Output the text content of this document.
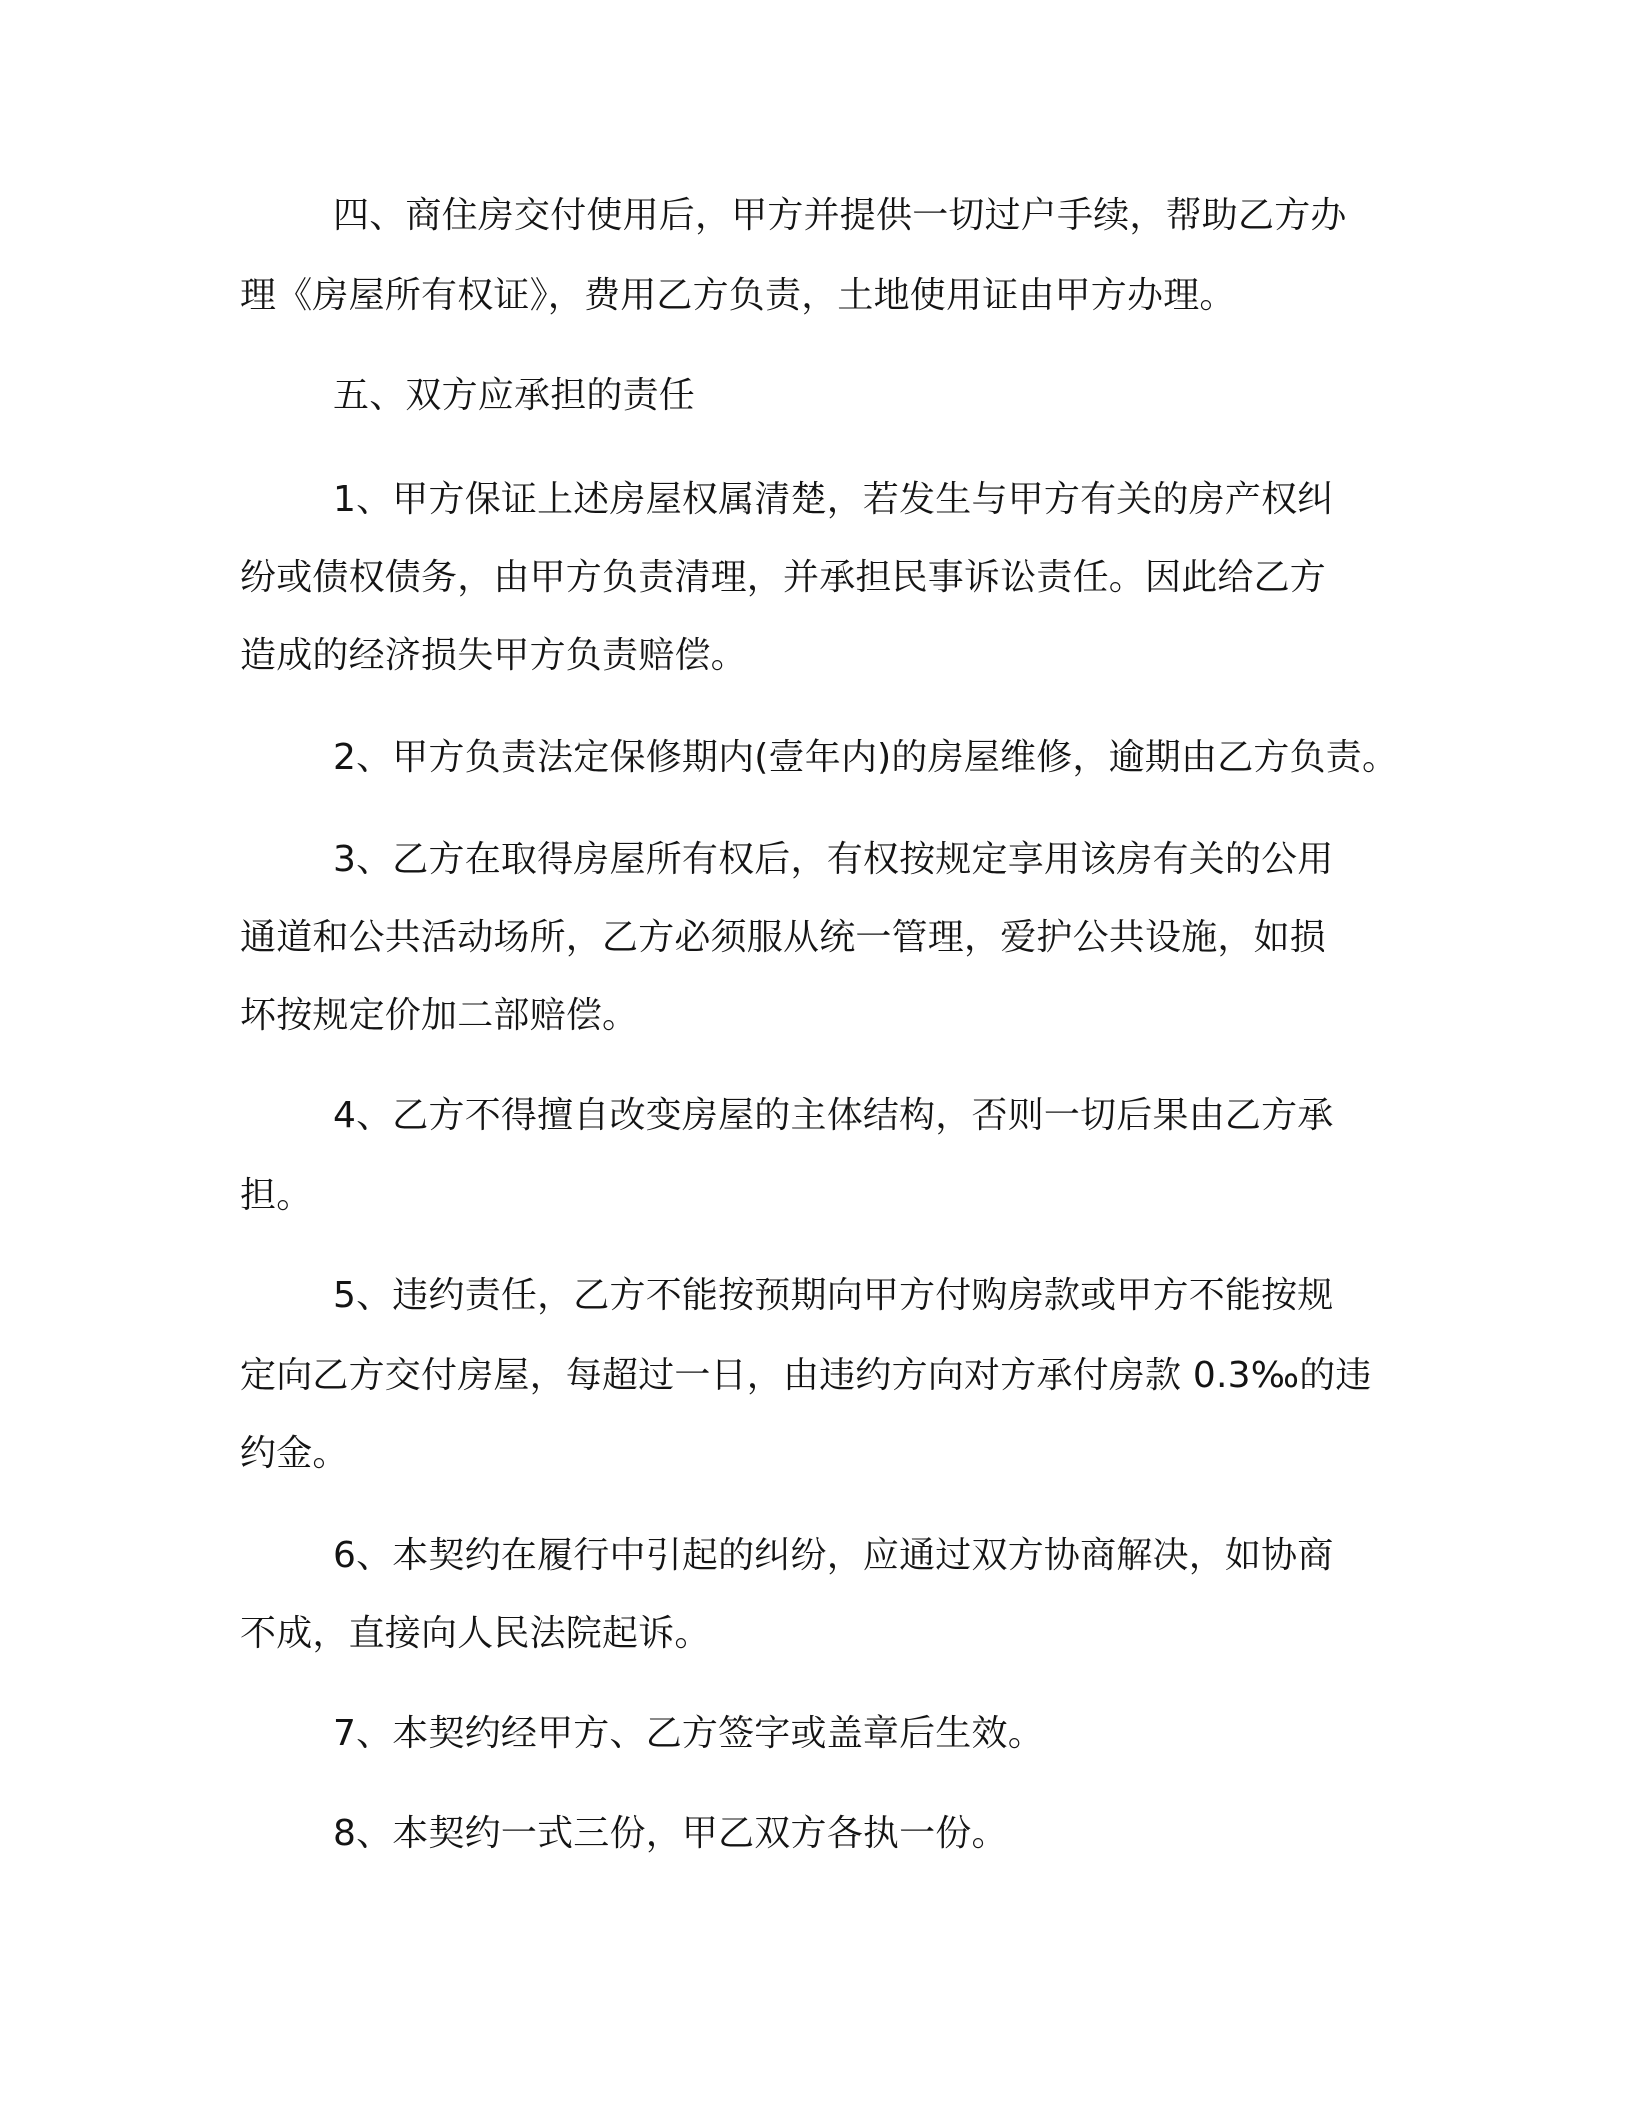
四、商住房交付使用后，甲方并提供一切过户手续，帮助乙方办

理《房屋所有权证》，费用乙方负责，土地使用证由甲方办理。

五、双方应承担的责任

1、甲方保证上述房屋权属清楚，若发生与甲方有关的房产权纠

纷或债权债务，由甲方负责清理，并承担民事诉讼责任。因此给乙方

造成的经济损失甲方负责赔偿。

2、甲方负责法定保修期内(壹年内)的房屋维修，逾期由乙方负责。

3、乙方在取得房屋所有权后，有权按规定享用该房有关的公用

通道和公共活动场所，乙方必须服从统一管理，爱护公共设施，如损

坏按规定价加二部赔偿。

4、乙方不得擅自改变房屋的主体结构，否则一切后果由乙方承

担。

5、违约责任，乙方不能按预期向甲方付购房款或甲方不能按规

定向乙方交付房屋，每超过一日，由违约方向对方承付房款 0.3‰的违

约金。

6、本契约在履行中引起的纠纷，应通过双方协商解决，如协商

不成，直接向人民法院起诉。

7、本契约经甲方、乙方签字或盖章后生效。

8、本契约一式三份，甲乙双方各执一份。
